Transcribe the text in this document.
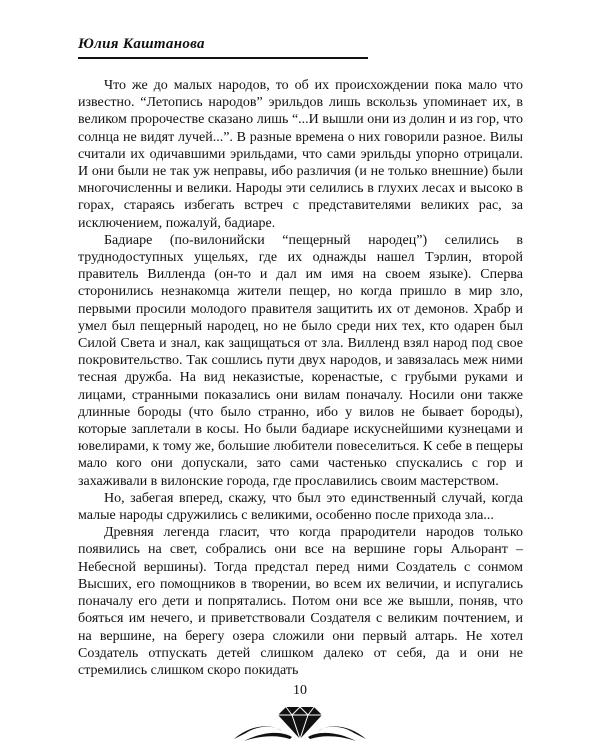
Юлия Каштанова

Что же до малых народов, то об их происхождении пока мало что известно. “Летопись народов” эрильдов лишь вскользь упоминает их, в великом пророчестве сказано лишь “...И вышли они из долин и из гор, что солнца не видят лучей...”. В разные времена о них говорили разное. Вилы считали их одичавшими эрильдами, что сами эрильды упорно отрицали. И они были не так уж неправы, ибо различия (и не только внешние) были многочисленны и велики. Народы эти селились в глухих лесах и высоко в горах, стараясь избегать встреч с представителями великих рас, за исключением, пожалуй, бадиаре.

Бадиаре (по-вилонийски “пещерный народец”) селились в труднодоступных ущельях, где их однажды нашел Тэрлин, второй правитель Вилленда (он-то и дал им имя на своем языке). Сперва сторонились незнакомца жители пещер, но когда пришло в мир зло, первыми просили молодого правителя защитить их от демонов. Храбр и умел был пещерный народец, но не было среди них тех, кто одарен был Силой Света и знал, как защищаться от зла. Вилленд взял народ под свое покровительство. Так сошлись пути двух народов, и завязалась меж ними тесная дружба. На вид неказистые, коренастые, с грубыми руками и лицами, странными показались они вилам поначалу. Носили они также длинные бороды (что было странно, ибо у вилов не бывает бороды), которые заплетали в косы. Но были бадиаре искуснейшими кузнецами и ювелирами, к тому же, большие любители повеселиться. К себе в пещеры мало кого они допускали, зато сами частенько спускались с гор и захаживали в вилонские города, где прославились своим мастерством.

Но, забегая вперед, скажу, что был это единственный случай, когда малые народы сдружились с великими, особенно после прихода зла...

Древняя легенда гласит, что когда прародители народов только появились на свет, собрались они все на вершине горы Альорант – Небесной вершины). Тогда предстал перед ними Создатель с сонмом Высших, его помощников в творении, во всем их величии, и испугались поначалу его дети и попрятались. Потом они все же вышли, поняв, что бояться им нечего, и приветствовали Создателя с великим почтением, и на вершине, на берегу озера сложили они первый алтарь. Не хотел Создатель отпускать детей слишком далеко от себя, да и они не стремились слишком скоро покидать

10
